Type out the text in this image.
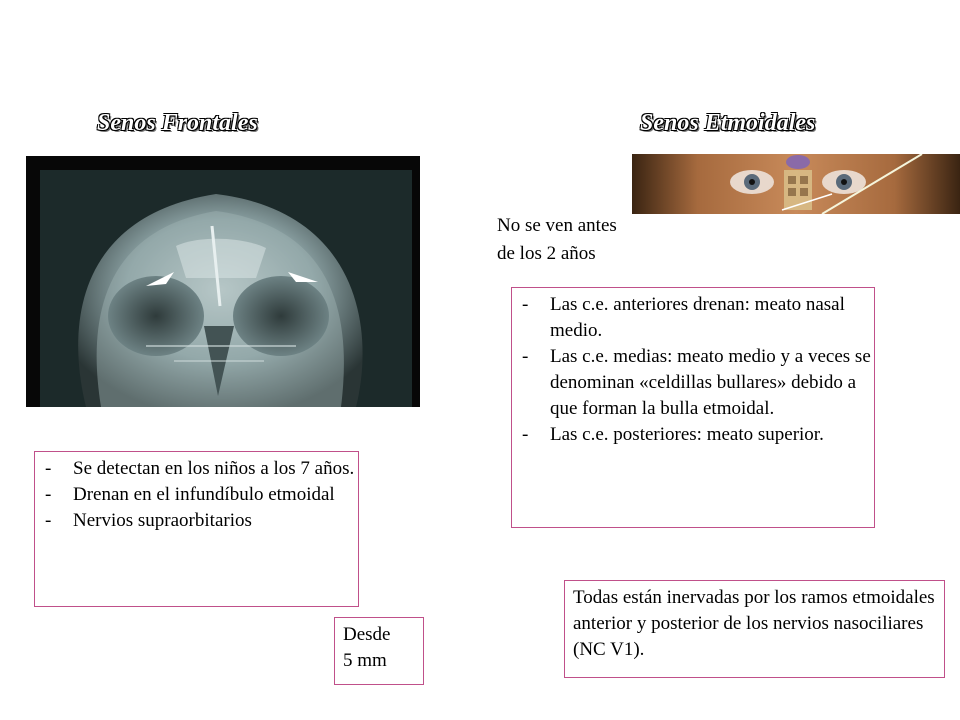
Senos Frontales	Senos Etmoidales
No se ven antes
de los 2 años
- Se detectan en los niños a los 7 años.
- Drenan en el infundíbulo etmoidal
- Nervios supraorbitarios
- Las c.e. anteriores drenan: meato nasal medio.
- Las c.e. medias: meato medio y a veces se denominan «celdillas bullares» debido a que forman la bulla etmoidal.
- Las c.e. posteriores: meato superior.
Desde
5 mm
Todas están inervadas por los ramos etmoidales anterior y posterior de los nervios nasociliares (NC V1).
